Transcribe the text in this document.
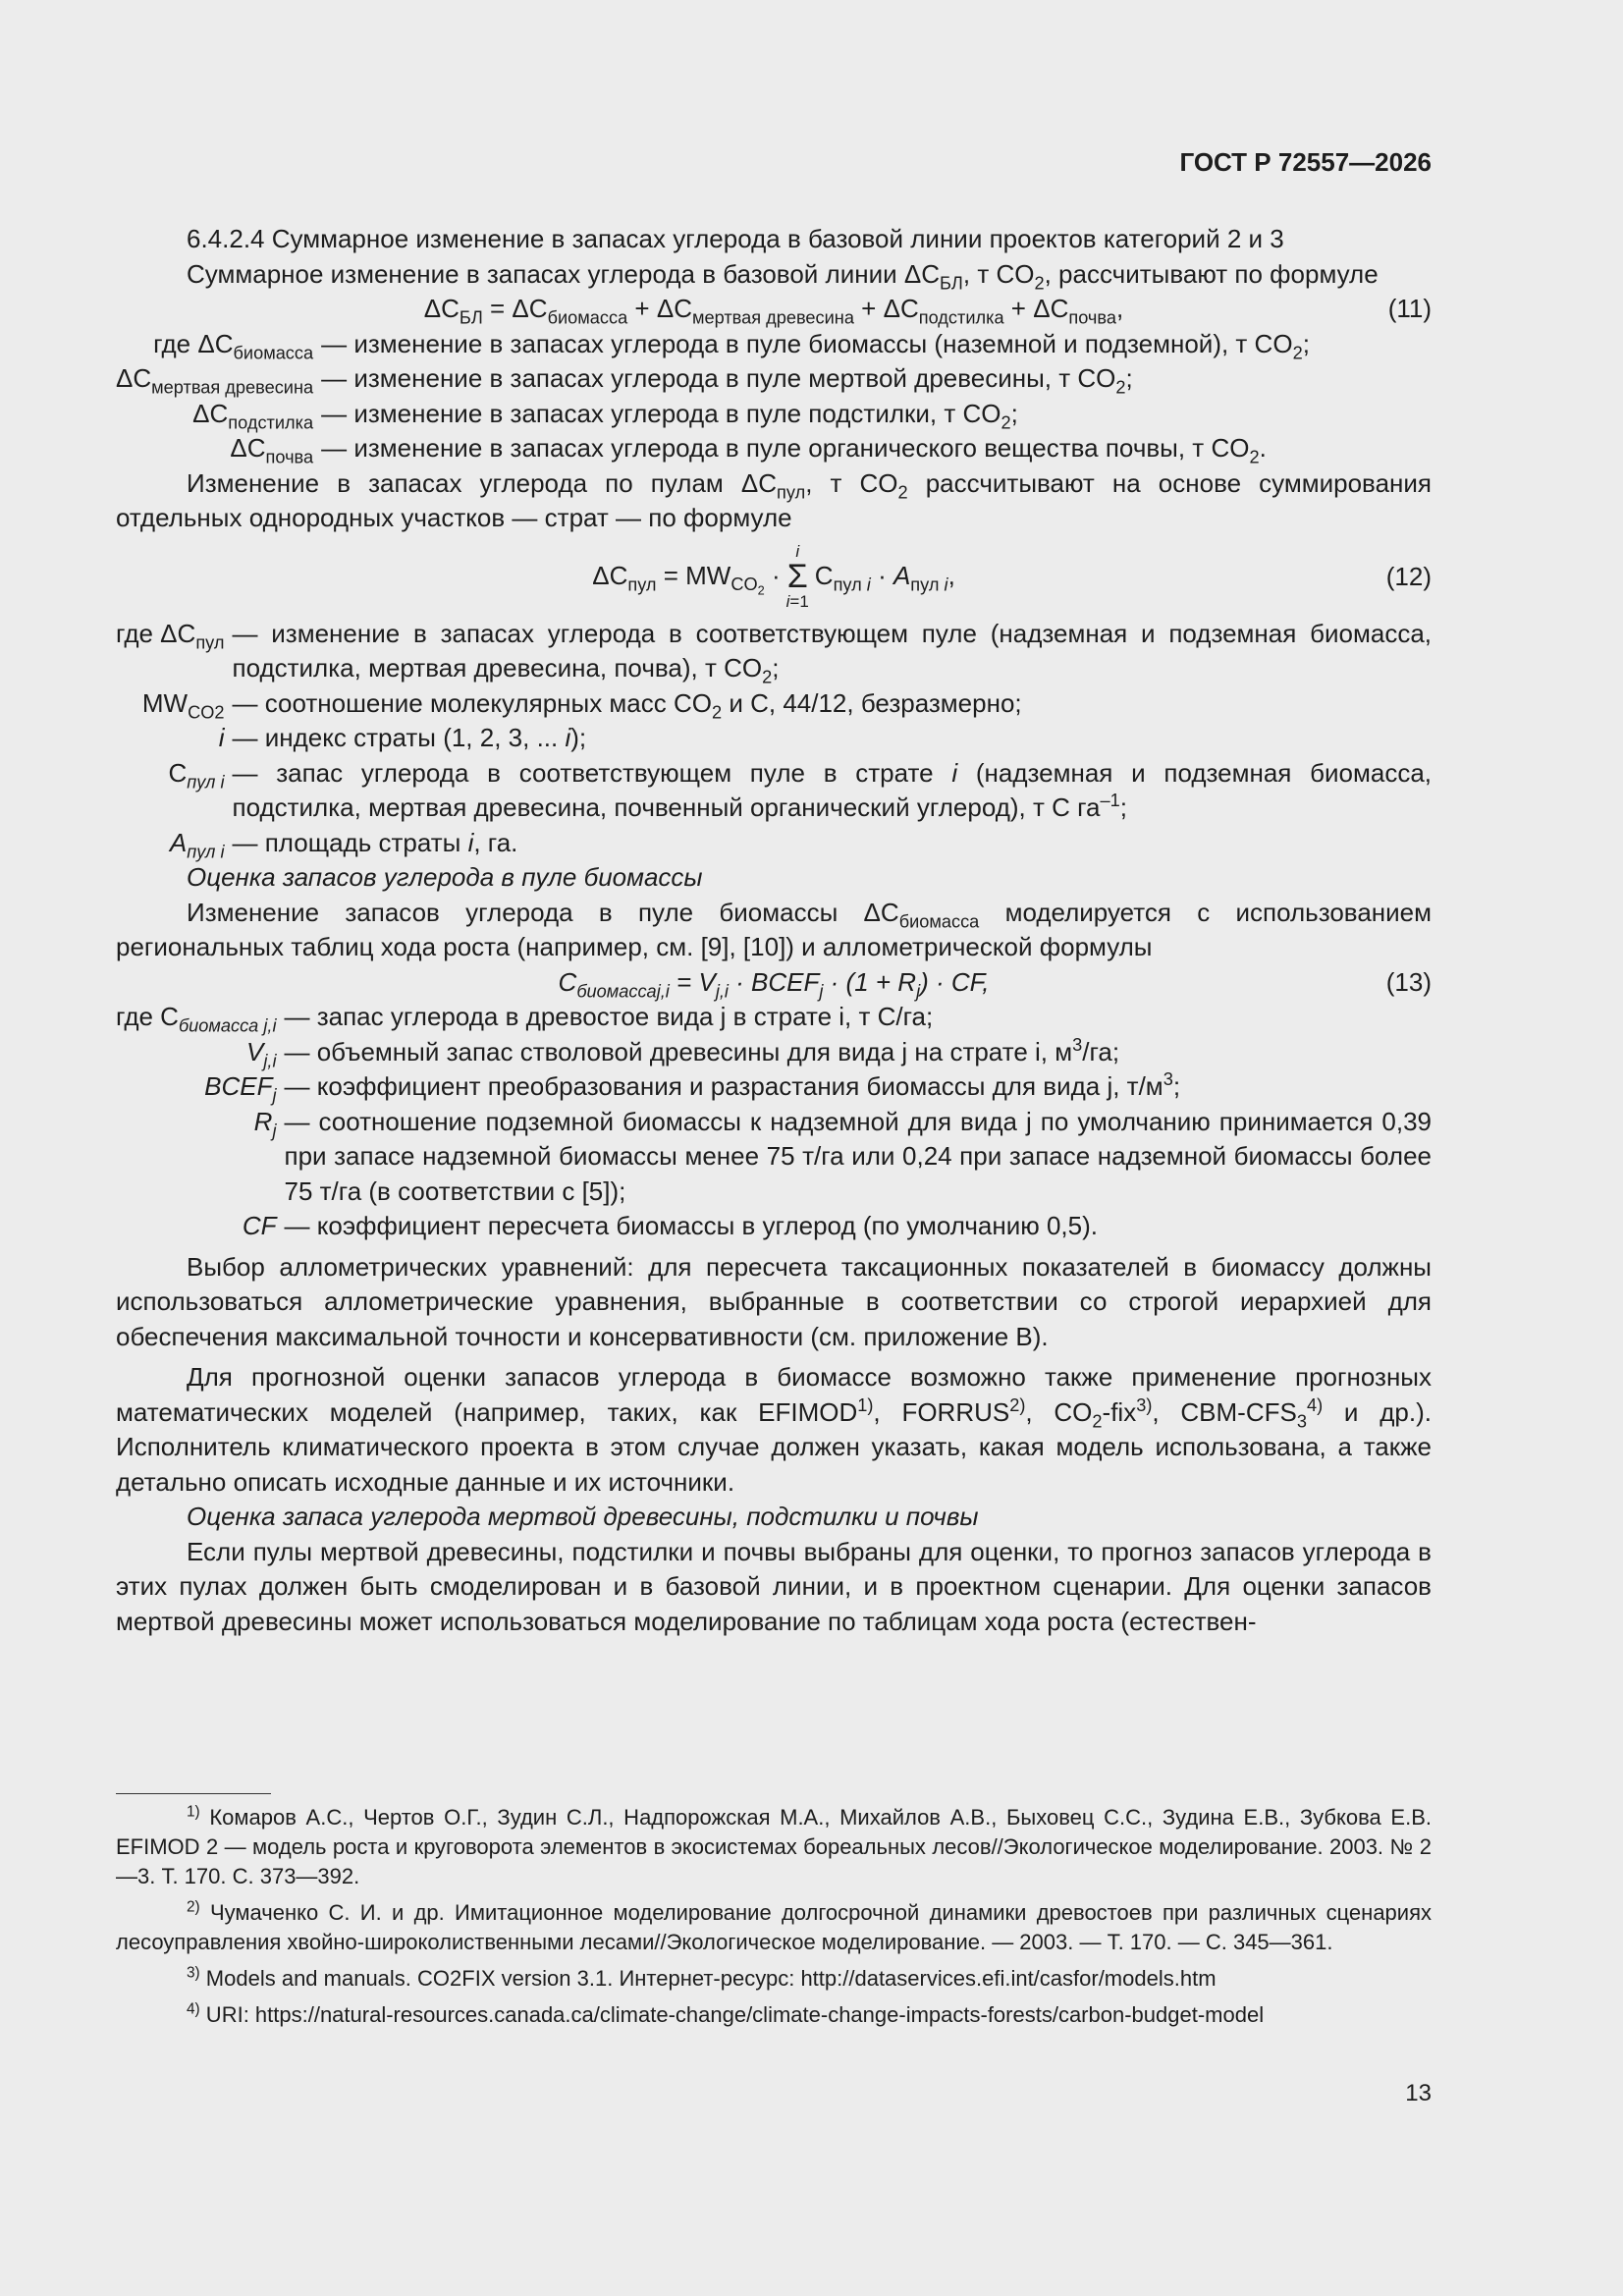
ГОСТ Р 72557—2026

6.4.2.4 Суммарное изменение в запасах углерода в базовой линии проектов категорий 2 и 3

Суммарное изменение в запасах углерода в базовой линии $\Delta C_{БЛ}$, т $CO_2$, рассчитывают по формуле

$\Delta C_{БЛ} = \Delta C_{биомасса} + \Delta C_{мертвая древесина} + \Delta C_{подстилка} + \Delta C_{почва}$,	(11)
где $\Delta C_{биомасса}$ — изменение в запасах углерода в пуле биомассы (наземной и подземной), т $CO_2$;
$\Delta C_{мертвая древесина}$ — изменение в запасах углерода в пуле мертвой древесины, т $CO_2$;
$\Delta C_{подстилка}$ — изменение в запасах углерода в пуле подстилки, т $CO_2$;
$\Delta C_{почва}$ — изменение в запасах углерода в пуле органического вещества почвы, т $CO_2$.

Изменение в запасах углерода по пулам $\Delta C_{пул}$, т $CO_2$ рассчитывают на основе суммирования отдельных однородных участков — страт — по формуле

$\Delta C_{пул} = MW_{CO_2}$ ·
i
Σ
i=1
$C_{пул i} \cdot A_{пул i}$,	(12)
где $\Delta C_{пул}$ — изменение в запасах углерода в соответствующем пуле (надземная и подземная биомасса, подстилка, мертвая древесина, почва), т $CO_2$;
$MW_{CO2}$ — соотношение молекулярных масс $CO_2$ и C, 44/12, безразмерно;
i — индекс страты (1, 2, 3, ... i);
$C_{пул i}$ — запас углерода в соответствующем пуле в страте i (надземная и подземная биомасса, подстилка, мертвая древесина, почвенный органический углерод), т C $га^{-1}$;
$A_{пул i}$ — площадь страты i, га.

Оценка запасов углерода в пуле биомассы

Изменение запасов углерода в пуле биомассы $\Delta C_{биомасса}$ моделируется с использованием региональных таблиц хода роста (например, см. [9], [10]) и аллометрической формулы

$C_{биомассаj,i} = V_{j,i}$ · $BCEF_j \cdot (1 + R_j)$ · CF,	(13)
где $C_{биомасса j,i}$ — запас углерода в древостое вида j в страте i, т C/га;
$V_{j,i}$ — объемный запас стволовой древесины для вида j на страте i, $м^3/га$;
$BCEF_j$ — коэффициент преобразования и разрастания биомассы для вида j, $т/м^3$;
$R_j$ — соотношение подземной биомассы к надземной для вида j по умолчанию принимается 0,39 при запасе надземной биомассы менее 75 т/га или 0,24 при запасе надземной биомассы более 75 т/га (в соответствии с [5]);
CF — коэффициент пересчета биомассы в углерод (по умолчанию 0,5).

Выбор аллометрических уравнений: для пересчета таксационных показателей в биомассу должны использоваться аллометрические уравнения, выбранные в соответствии со строгой иерархией для обеспечения максимальной точности и консервативности (см. приложение В).

Для прогнозной оценки запасов углерода в биомассе возможно также применение прогнозных математических моделей (например, таких, как EFIMOD$^{1)}$, FORRUS$^{2)}$, $CO_2-fix^{3)}$, CBM-$CFS_3^{4)}$ и др.). Исполнитель климатического проекта в этом случае должен указать, какая модель использована, а также детально описать исходные данные и их источники.

Оценка запаса углерода мертвой древесины, подстилки и почвы

Если пулы мертвой древесины, подстилки и почвы выбраны для оценки, то прогноз запасов углерода в этих пулах должен быть смоделирован и в базовой линии, и в проектном сценарии. Для оценки запасов мертвой древесины может использоваться моделирование по таблицам хода роста (естествен-

$^{1)}$ Комаров А.С., Чертов О.Г., Зудин С.Л., Надпорожская М.А., Михайлов А.В., Быховец С.С., Зудина Е.В., Зубкова Е.В. EFIMOD 2 — модель роста и круговорота элементов в экосистемах бореальных лесов//Экологическое моделирование. 2003. № 2—3. Т. 170. С. 373—392.

$^{2)}$ Чумаченко С. И. и др. Имитационное моделирование долгосрочной динамики древостоев при различных сценариях лесоуправления хвойно-широколиственными лесами//Экологическое моделирование. — 2003. — Т. 170. — С. 345—361.

$^{3)}$ Models and manuals. CO2FIX version 3.1. Интернет-ресурс: http://dataservices.efi.int/casfor/models.htm

$^{4)}$ URI: https://natural-resources.canada.ca/climate-change/climate-change-impacts-forests/carbon-budget-model

13
